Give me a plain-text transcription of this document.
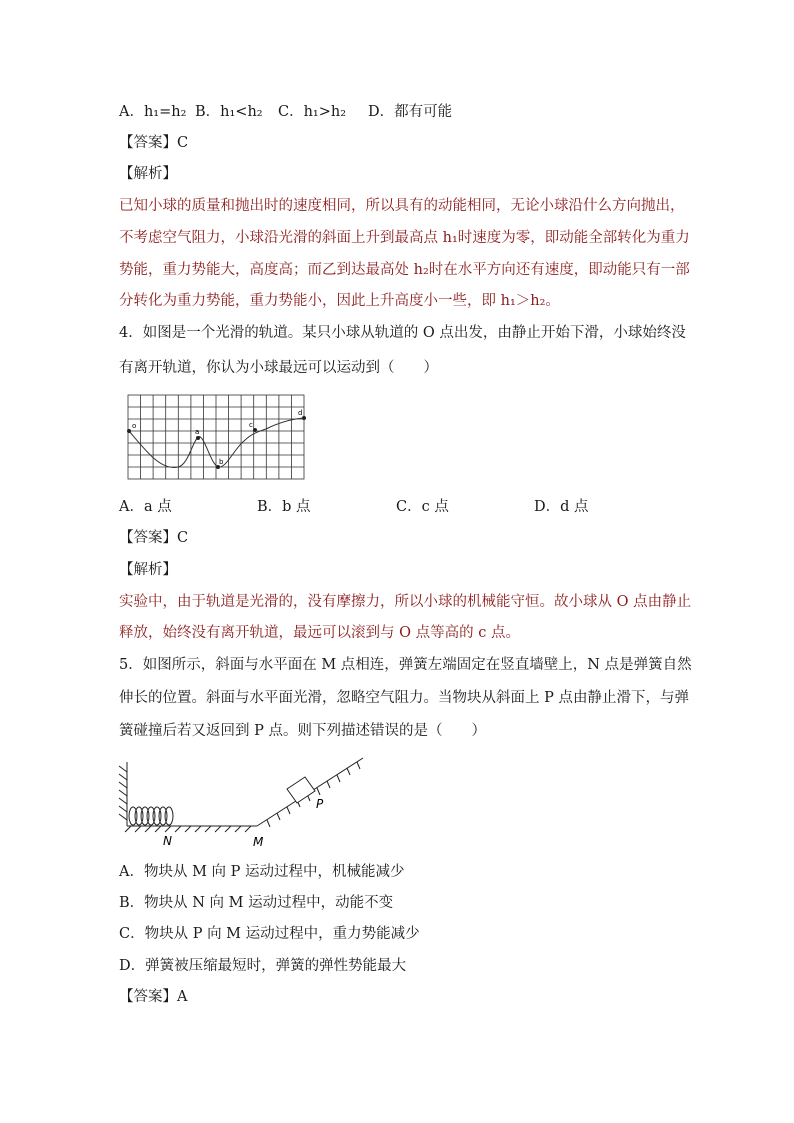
A．h₁=h₂ B．h₁<h₂ C．h₁>h₂ D．都有可能
【答案】C
【解析】
已知小球的质量和抛出时的速度相同，所以具有的动能相同，无论小球沿什么方向抛出，
不考虑空气阻力，小球沿光滑的斜面上升到最高点 h₁时速度为零，即动能全部转化为重力
势能，重力势能大，高度高；而乙到达最高处 h₂时在水平方向还有速度，即动能只有一部
分转化为重力势能，重力势能小，因此上升高度小一些，即 h₁＞h₂。
4．如图是一个光滑的轨道。某只小球从轨道的 O 点出发，由静止开始下滑，小球始终没
有离开轨道，你认为小球最远可以运动到（　　）
o
a
b
c
d
A．a 点	B．b 点	C．c 点	D．d 点
【答案】C
【解析】
实验中，由于轨道是光滑的，没有摩擦力，所以小球的机械能守恒。故小球从 O 点由静止
释放，始终没有离开轨道，最远可以滚到与 O 点等高的 c 点。
5．如图所示，斜面与水平面在 M 点相连，弹簧左端固定在竖直墙壁上，N 点是弹簧自然
伸长的位置。斜面与水平面光滑，忽略空气阻力。当物块从斜面上 P 点由静止滑下，与弹
簧碰撞后若又返回到 P 点。则下列描述错误的是（　　）
N	M
P
A．物块从 M 向 P 运动过程中，机械能减少
B．物块从 N 向 M 运动过程中，动能不变
C．物块从 P 向 M 运动过程中，重力势能减少
D．弹簧被压缩最短时，弹簧的弹性势能最大
【答案】A
